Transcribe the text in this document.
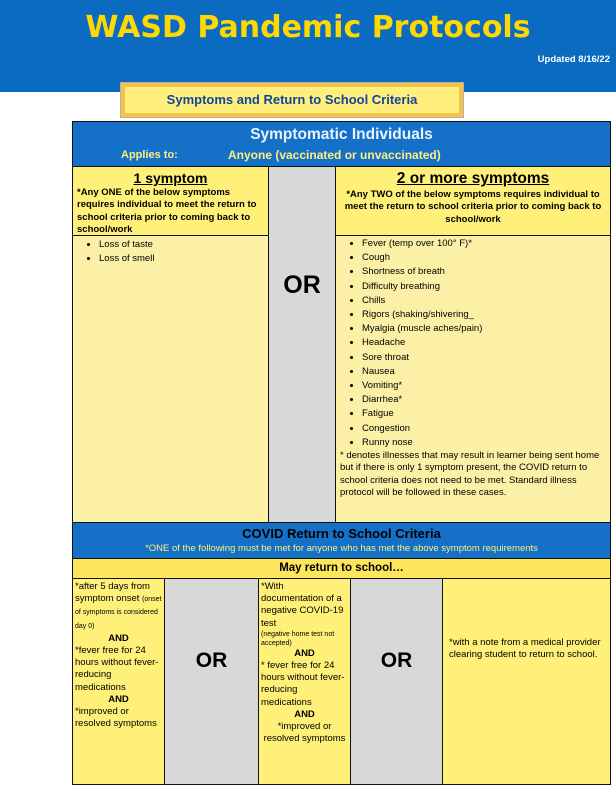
WASD Pandemic Protocols
Updated 8/16/22
Symptoms and Return to School Criteria
Symptomatic Individuals
Applies to:	Anyone (vaccinated or unvaccinated)
1 symptom
*Any ONE of the below symptoms requires individual to meet the return to school criteria prior to coming back to school/work
• Loss of taste
• Loss of smell
OR
2 or more symptoms
*Any TWO of the below symptoms requires individual to meet the return to school criteria prior to coming back to school/work
• Fever (temp over 100° F)*
• Cough
• Shortness of breath
• Difficulty breathing
• Chills
• Rigors (shaking/shivering_
• Myalgia (muscle aches/pain)
• Headache
• Sore throat
• Nausea
• Vomiting*
• Diarrhea*
• Fatigue
• Congestion
• Runny nose
* denotes illnesses that may result in learner being sent home but if there is only 1 symptom present, the COVID return to school criteria does not need to be met. Standard illness protocol will be followed in these cases.
COVID Return to School Criteria
*ONE of the following must be met for anyone who has met the above symptom requirements
May return to school…
*after 5 days from symptom onset (onset of symptoms is considered day 0)
AND
*fever free for 24 hours without fever-reducing medications
AND
*improved or resolved symptoms
OR
*With documentation of a negative COVID-19 test
(negative home test not accepted)
AND
* fever free for 24 hours without fever-reducing medications
AND
*improved or resolved symptoms
OR
*with a note from a medical provider clearing student to return to school.
